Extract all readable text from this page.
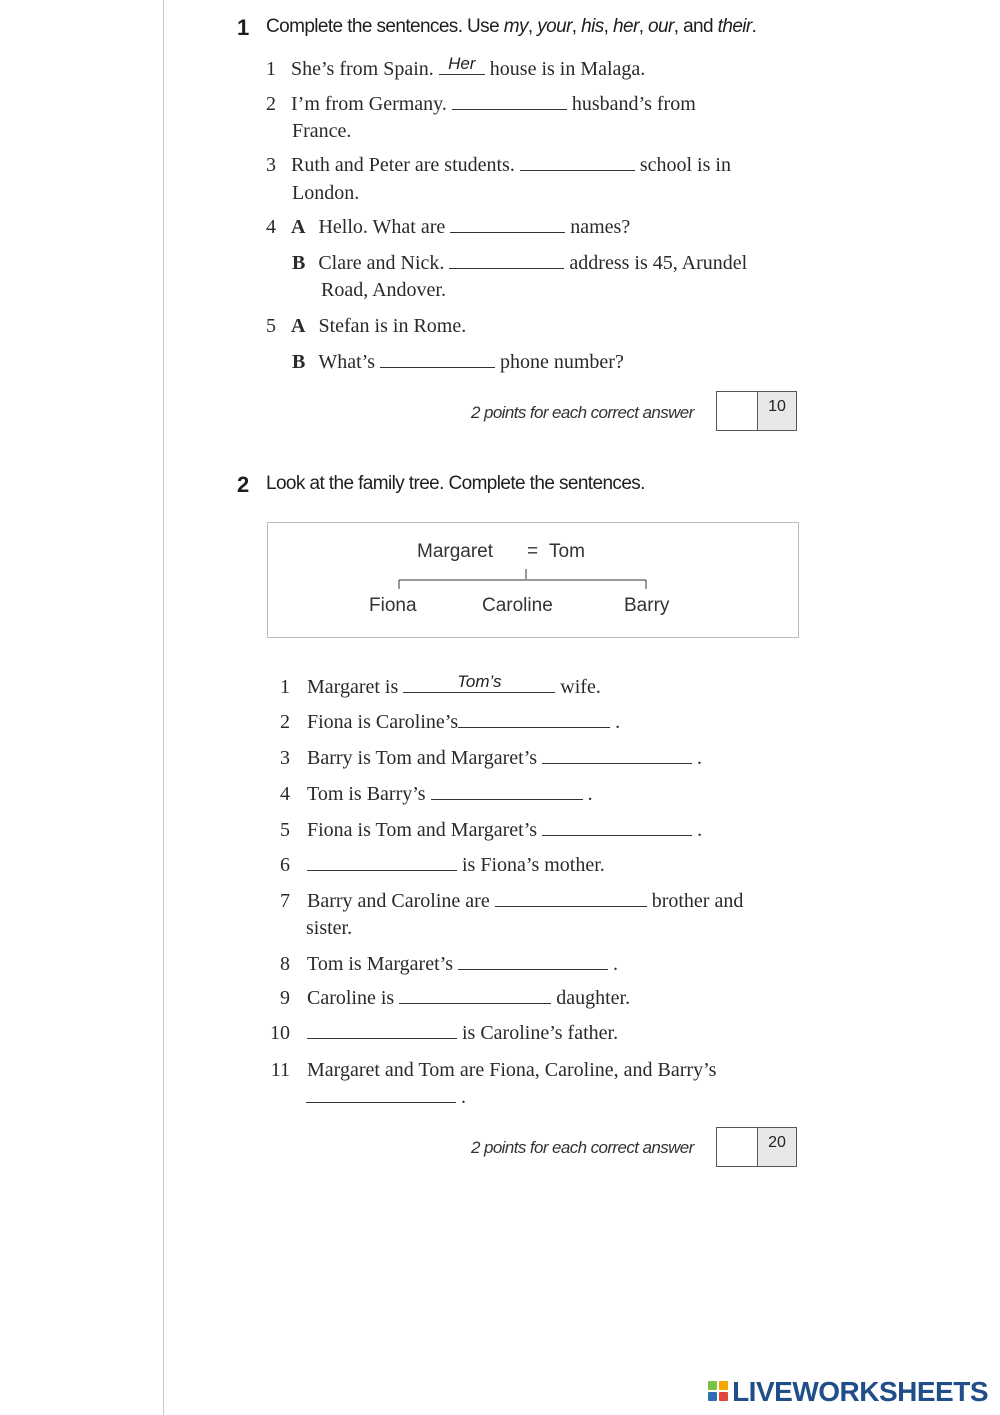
1 Complete the sentences. Use my, your, his, her, our, and their.
1 She’s from Spain. $^{Her}$ house is in Malaga.
2 I’m from Germany.	husband’s from
France.
3 Ruth and Peter are students.	school is in
London.
4 A Hello. What are	names?
B Clare and Nick.	address is 45, Arundel
Road, Andover.
5 A Stefan is in Rome.
B What’s	phone number?
2 points for each correct answer	10
2 Look at the family tree. Complete the sentences.
Margaret = Tom
Fiona	Caroline	Barry
1 Margaret is	$^{Tom’s}$	wife.
2 Fiona is Caroline’s	.
3 Barry is Tom and Margaret’s	.
4 Tom is Barry’s	.
5 Fiona is Tom and Margaret’s	.
6	is Fiona’s mother.
7 Barry and Caroline are	brother and
sister.
8 Tom is Margaret’s	.
9 Caroline is	daughter.
10	is Caroline’s father.
11 Margaret and Tom are Fiona, Caroline, and Barry’s
.
2 points for each correct answer	20
LIVEWORKSHEETS
